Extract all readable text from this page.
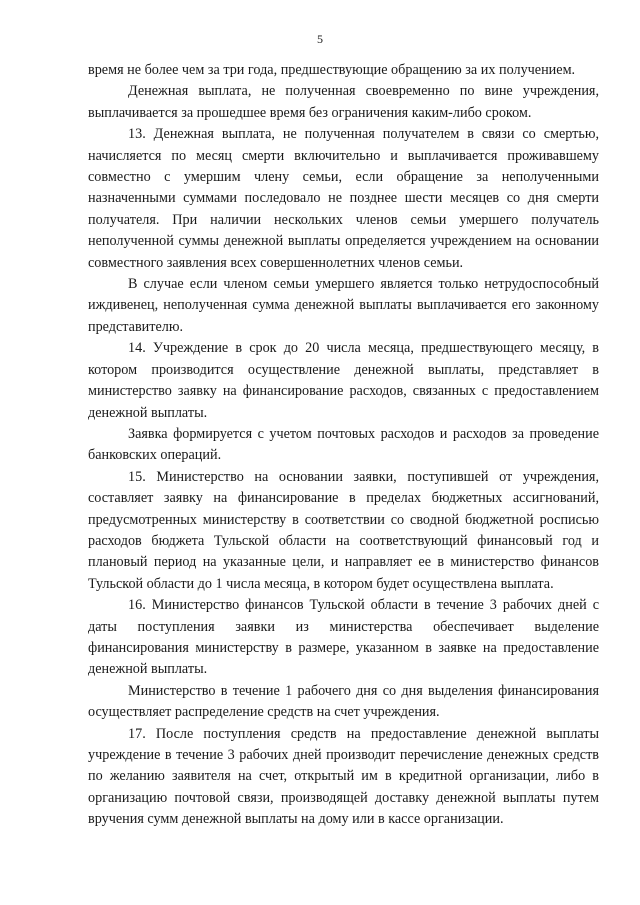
5

время не более чем за три года, предшествующие обращению за их получением.

Денежная выплата, не полученная своевременно по вине учреждения, выплачивается за прошедшее время без ограничения каким-либо сроком.

13. Денежная выплата, не полученная получателем в связи со смертью, начисляется по месяц смерти включительно и выплачивается проживавшему совместно с умершим члену семьи, если обращение за неполученными назначенными суммами последовало не позднее шести месяцев со дня смерти получателя. При наличии нескольких членов семьи умершего получатель неполученной суммы денежной выплаты определяется учреждением на основании совместного заявления всех совершеннолетних членов семьи.

В случае если членом семьи умершего является только нетрудоспособный иждивенец, неполученная сумма денежной выплаты выплачивается его законному представителю.

14. Учреждение в срок до 20 числа месяца, предшествующего месяцу, в котором производится осуществление денежной выплаты, представляет в министерство заявку на финансирование расходов, связанных с предоставлением денежной выплаты.

Заявка формируется с учетом почтовых расходов и расходов за проведение банковских операций.

15. Министерство на основании заявки, поступившей от учреждения, составляет заявку на финансирование в пределах бюджетных ассигнований, предусмотренных министерству в соответствии со сводной бюджетной росписью расходов бюджета Тульской области на соответствующий финансовый год и плановый период на указанные цели, и направляет ее в министерство финансов Тульской области до 1 числа месяца, в котором будет осуществлена выплата.

16. Министерство финансов Тульской области в течение 3 рабочих дней с даты поступления заявки из министерства обеспечивает выделение финансирования министерству в размере, указанном в заявке на предоставление денежной выплаты.

Министерство в течение 1 рабочего дня со дня выделения финансирования осуществляет распределение средств на счет учреждения.

17. После поступления средств на предоставление денежной выплаты учреждение в течение 3 рабочих дней производит перечисление денежных средств по желанию заявителя на счет, открытый им в кредитной организации, либо в организацию почтовой связи, производящей доставку денежной выплаты путем вручения сумм денежной выплаты на дому или в кассе организации.
